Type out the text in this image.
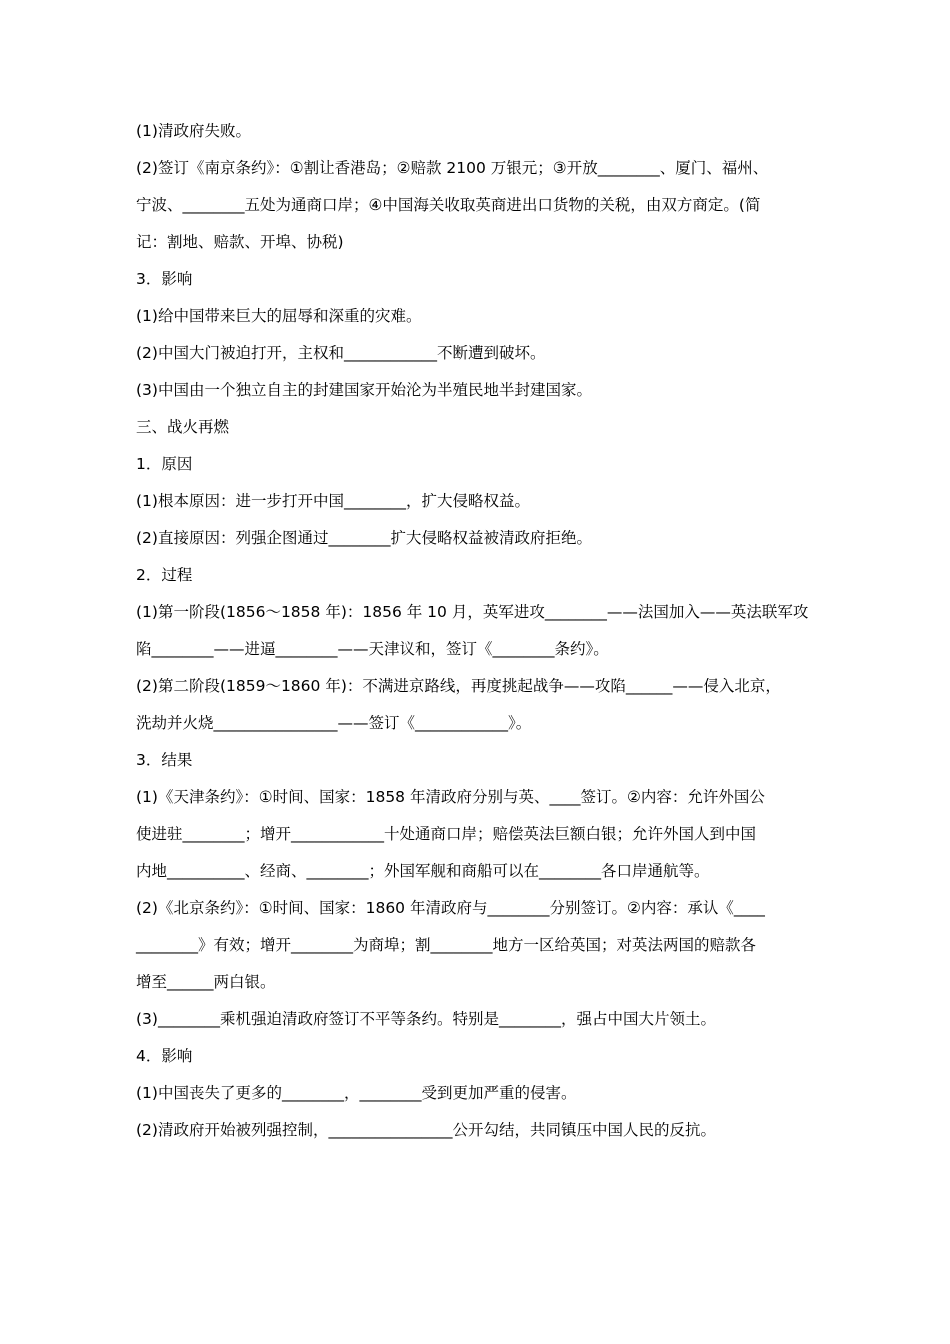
(1)清政府失败。

(2)签订《南京条约》：①割让香港岛；②赔款 2100 万银元；③开放________、厦门、福州、

宁波、________五处为通商口岸；④中国海关收取英商进出口货物的关税，由双方商定。(简

记：割地、赔款、开埠、协税)

3．影响

(1)给中国带来巨大的屈辱和深重的灾难。

(2)中国大门被迫打开，主权和____________不断遭到破坏。

(3)中国由一个独立自主的封建国家开始沦为半殖民地半封建国家。

三、战火再燃

1．原因

(1)根本原因：进一步打开中国________，扩大侵略权益。

(2)直接原因：列强企图通过________扩大侵略权益被清政府拒绝。

2．过程

(1)第一阶段(1856～1858 年)：1856 年 10 月，英军进攻________——法国加入——英法联军攻

陷________——进逼________——天津议和，签订《________条约》。

(2)第二阶段(1859～1860 年)：不满进京路线，再度挑起战争——攻陷______——侵入北京，

洗劫并火烧________________——签订《____________》。

3．结果

(1)《天津条约》：①时间、国家：1858 年清政府分别与英、____签订。②内容：允许外国公

使进驻________；增开____________十处通商口岸；赔偿英法巨额白银；允许外国人到中国

内地__________、经商、________；外国军舰和商船可以在________各口岸通航等。

(2)《北京条约》：①时间、国家：1860 年清政府与________分别签订。②内容：承认《____

________》有效；增开________为商埠；割________地方一区给英国；对英法两国的赔款各

增至______两白银。

(3)________乘机强迫清政府签订不平等条约。特别是________，强占中国大片领土。

4．影响

(1)中国丧失了更多的________，________受到更加严重的侵害。

(2)清政府开始被列强控制，________________公开勾结，共同镇压中国人民的反抗。
